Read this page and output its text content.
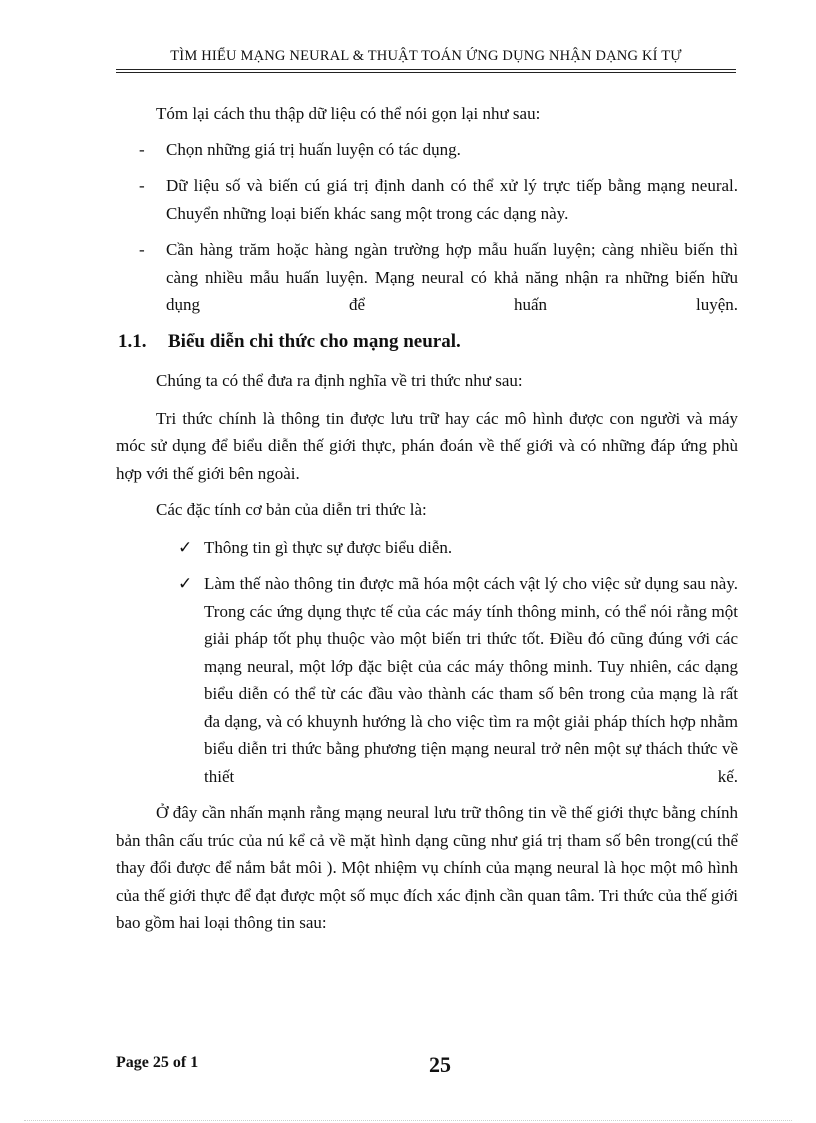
TÌM HIỂU MẠNG NEURAL & THUẬT TOÁN ỨNG DỤNG NHẬN DẠNG KÍ TỰ

Tóm lại cách thu thập dữ liệu có thể nói gọn lại như sau:

- Chọn những giá trị huấn luyện có tác dụng.
- Dữ liệu số và biến cú giá trị định danh có thể xử lý trực tiếp bằng mạng neural. Chuyển những loại biến khác sang một trong các dạng này.
- Cần hàng trăm hoặc hàng ngàn trường hợp mẫu huấn luyện; càng nhiều biến thì càng nhiều mẫu huấn luyện. Mạng neural có khả năng nhận ra những biến hữu dụng để huấn luyện.
1.1. Biểu diễn chi thức cho mạng neural.

Chúng ta có thể đưa ra định nghĩa về tri thức như sau:

Tri thức chính là thông tin được lưu trữ hay các mô hình được con người và máy móc sử dụng để biểu diễn thế giới thực, phán đoán về thế giới và có những đáp ứng phù hợp với thế giới bên ngoài.

Các đặc tính cơ bản của diễn tri thức là:

✓ Thông tin gì thực sự được biểu diễn.
✓ Làm thế nào thông tin được mã hóa một cách vật lý cho việc sử dụng sau này. Trong các ứng dụng thực tế của các máy tính thông minh, có thể nói rằng một giải pháp tốt phụ thuộc vào một biến tri thức tốt. Điều đó cũng đúng với các mạng neural, một lớp đặc biệt của các máy thông minh. Tuy nhiên, các dạng biểu diễn có thể từ các đầu vào thành các tham số bên trong của mạng là rất đa dạng, và có khuynh hướng là cho việc tìm ra một giải pháp thích hợp nhằm biểu diễn tri thức bằng phương tiện mạng neural trở nên một sự thách thức về thiết kế.

Ở đây cần nhấn mạnh rằng mạng neural lưu trữ thông tin về thế giới thực bằng chính bản thân cấu trúc của nú kể cả về mặt hình dạng cũng như giá trị tham số bên trong(cú thể thay đổi được để nắm bắt môi ). Một nhiệm vụ chính của mạng neural là học một mô hình của thế giới thực để đạt được một số mục đích xác định cần quan tâm. Tri thức của thế giới bao gồm hai loại thông tin sau:

Page 25 of 1	25
